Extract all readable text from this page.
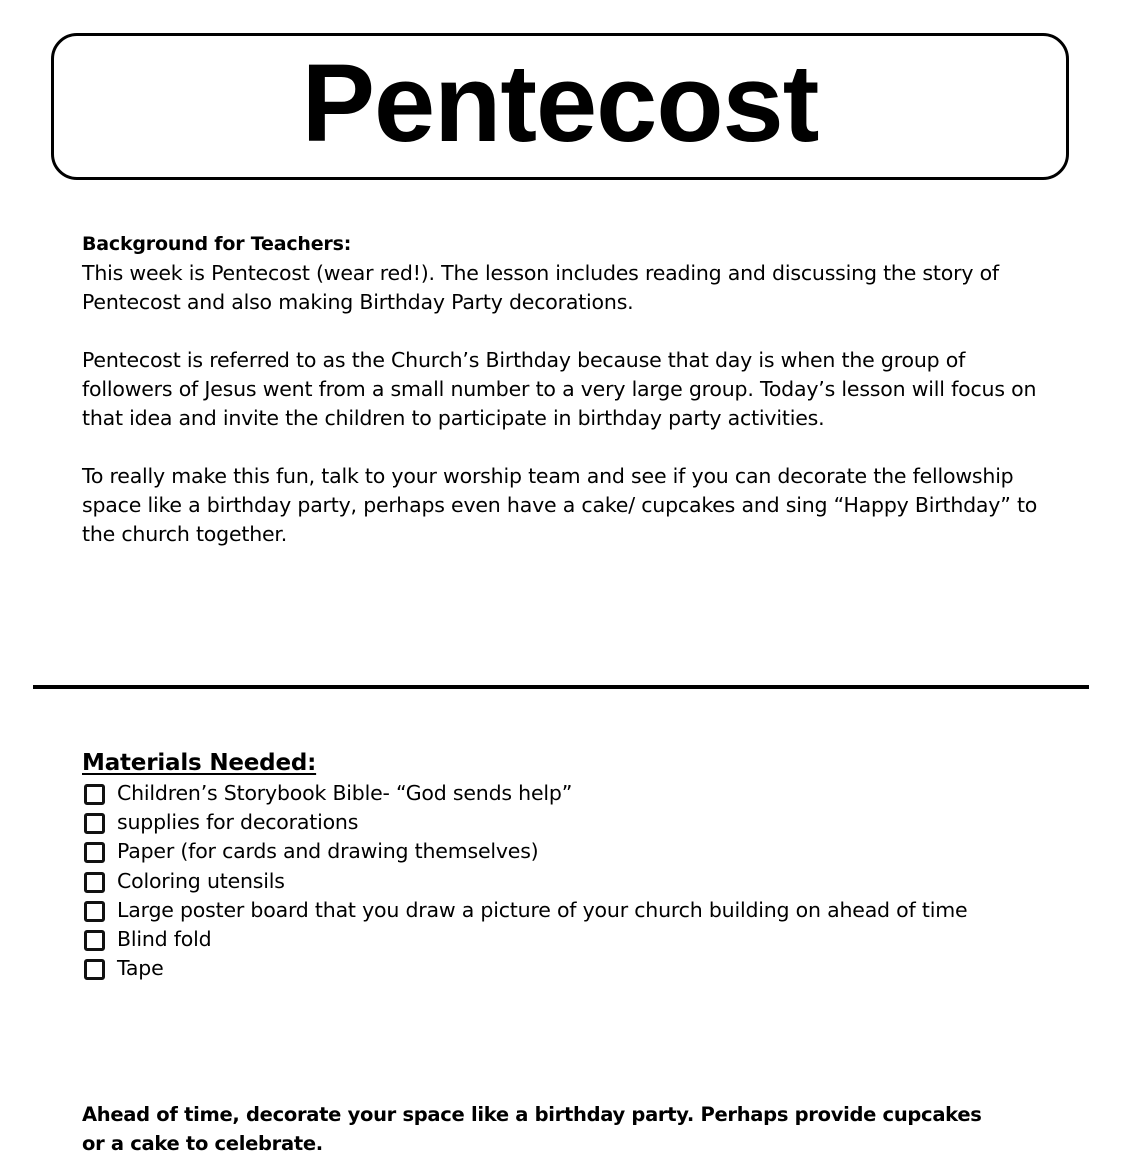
Pentecost
Background for Teachers:

This week is Pentecost (wear red!). The lesson includes reading and discussing the story of Pentecost and also making Birthday Party decorations.

Pentecost is referred to as the Church’s Birthday because that day is when the group of followers of Jesus went from a small number to a very large group. Today’s lesson will focus on that idea and invite the children to participate in birthday party activities.

To really make this fun, talk to your worship team and see if you can decorate the fellowship space like a birthday party, perhaps even have a cake/ cupcakes and sing “Happy Birthday” to the church together.

Materials Needed:
Children’s Storybook Bible- “God sends help”
supplies for decorations
Paper (for cards and drawing themselves)
Coloring utensils
Large poster board that you draw a picture of your church building on ahead of time
Blind fold
Tape
Ahead of time, decorate your space like a birthday party. Perhaps provide cupcakes or a cake to celebrate.
